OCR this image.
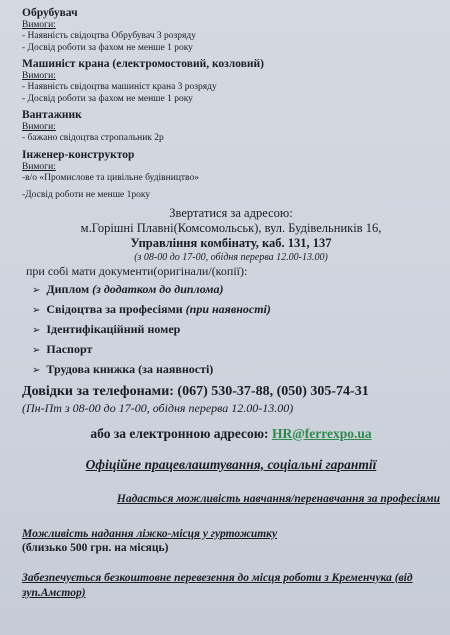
Обрубувач
Вимоги:
- Наявність свідоцтва Обрубувач 3 розряду
- Досвід роботи за фахом не менше 1 року
Машиніст крана (електромостовий, козловий)
Вимоги:
- Наявність свідоцтва машиніст крана 3 розряду
- Досвід роботи за фахом не менше 1 року
Вантажник
Вимоги:
- бажано свідоцтва стропальник 2р
Інженер-конструктор
Вимоги:
-в/о «Промислове та цивільне будівництво»
-Досвід роботи не менше 1року
Звертатися за адресою:
м.Горішні Плавні(Комсомольськ), вул. Будівельників 16,
Управління комбінату, каб. 131, 137
(з 08-00 до 17-00, обідня перерва 12.00-13.00)
при собі мати документи(оригінали/(копії):
➢ Диплом (з додатком до диплома)
➢ Свідоцтва за професіями (при наявності)
➢ Ідентифікаційний номер
➢ Паспорт
➢ Трудова книжка (за наявності)
Довідки за телефонами: (067) 530-37-88, (050) 305-74-31
(Пн-Пт з 08-00 до 17-00, обідня перерва 12.00-13.00)
або за електронною адресою: HR@ferrexpo.ua
Офіційне працевлаштування, соціальні гарантії
Надасться можливість навчання/перенавчання за професіями
Можливість надання ліжко-місця у гуртожитку
(близько 500 грн. на місяць)
Забезпечується безкоштовне перевезення до місця роботи з Кременчука (від зуп.Амстор)
